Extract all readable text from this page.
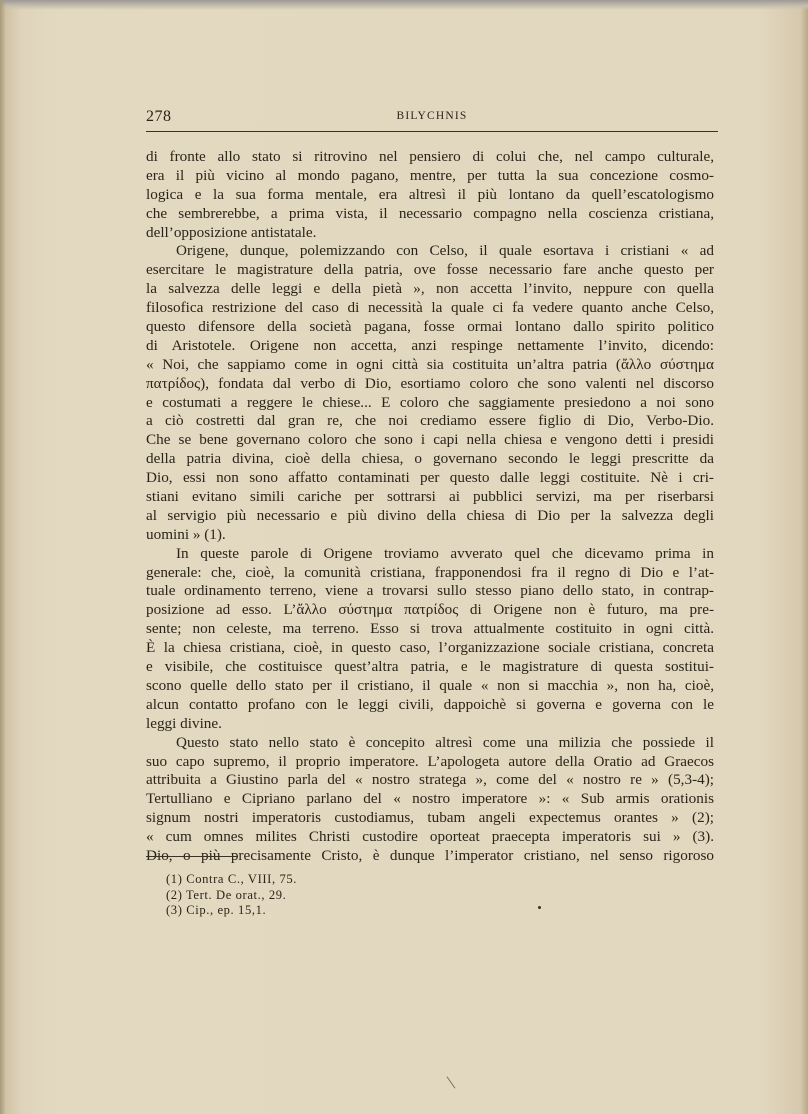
278	BILYCHNIS
di fronte allo stato si ritrovino nel pensiero di colui che, nel campo culturale,
era il più vicino al mondo pagano, mentre, per tutta la sua concezione cosmo-
logica e la sua forma mentale, era altresì il più lontano da quell’escatologismo
che sembrerebbe, a prima vista, il necessario compagno nella coscienza cristiana,
dell’opposizione antistatale.
Origene, dunque, polemizzando con Celso, il quale esortava i cristiani « ad
esercitare le magistrature della patria, ove fosse necessario fare anche questo per
la salvezza delle leggi e della pietà », non accetta l’invito, neppure con quella
filosofica restrizione del caso di necessità la quale ci fa vedere quanto anche Celso,
questo difensore della società pagana, fosse ormai lontano dallo spirito politico
di Aristotele. Origene non accetta, anzi respinge nettamente l’invito, dicendo:
« Noi, che sappiamo come in ogni città sia costituita un’altra patria (ἄλλο σύστημα
πατρίδος), fondata dal verbo di Dio, esortiamo coloro che sono valenti nel discorso
e costumati a reggere le chiese... E coloro che saggiamente presiedono a noi sono
a ciò costretti dal gran re, che noi crediamo essere figlio di Dio, Verbo-Dio.
Che se bene governano coloro che sono i capi nella chiesa e vengono detti i presidi
della patria divina, cioè della chiesa, o governano secondo le leggi prescritte da
Dio, essi non sono affatto contaminati per questo dalle leggi costituite. Nè i cri-
stiani evitano simili cariche per sottrarsi ai pubblici servizi, ma per riserbarsi
al servigio più necessario e più divino della chiesa di Dio per la salvezza degli
uomini » (1).
In queste parole di Origene troviamo avverato quel che dicevamo prima in
generale: che, cioè, la comunità cristiana, frapponendosi fra il regno di Dio e l’at-
tuale ordinamento terreno, viene a trovarsi sullo stesso piano dello stato, in contrap-
posizione ad esso. L’ἄλλο σύστημα πατρίδος di Origene non è futuro, ma pre-
sente; non celeste, ma terreno. Esso si trova attualmente costituito in ogni città.
È la chiesa cristiana, cioè, in questo caso, l’organizzazione sociale cristiana, concreta
e visibile, che costituisce quest’altra patria, e le magistrature di questa sostitui-
scono quelle dello stato per il cristiano, il quale « non si macchia », non ha, cioè,
alcun contatto profano con le leggi civili, dappoichè si governa e governa con le
leggi divine.
Questo stato nello stato è concepito altresì come una milizia che possiede il
suo capo supremo, il proprio imperatore. L’apologeta autore della Oratio ad Graecos
attribuita a Giustino parla del « nostro stratega », come del « nostro re » (5,3-4);
Tertulliano e Cipriano parlano del « nostro imperatore »: « Sub armis orationis
signum nostri imperatoris custodiamus, tubam angeli expectemus orantes » (2);
« cum omnes milites Christi custodire oporteat praecepta imperatoris sui » (3).
Dio, o più precisamente Cristo, è dunque l’imperator cristiano, nel senso rigoroso
(1) Contra C., VIII, 75.
(2) Tert. De orat., 29.
(3) Cip., ep. 15,1.
